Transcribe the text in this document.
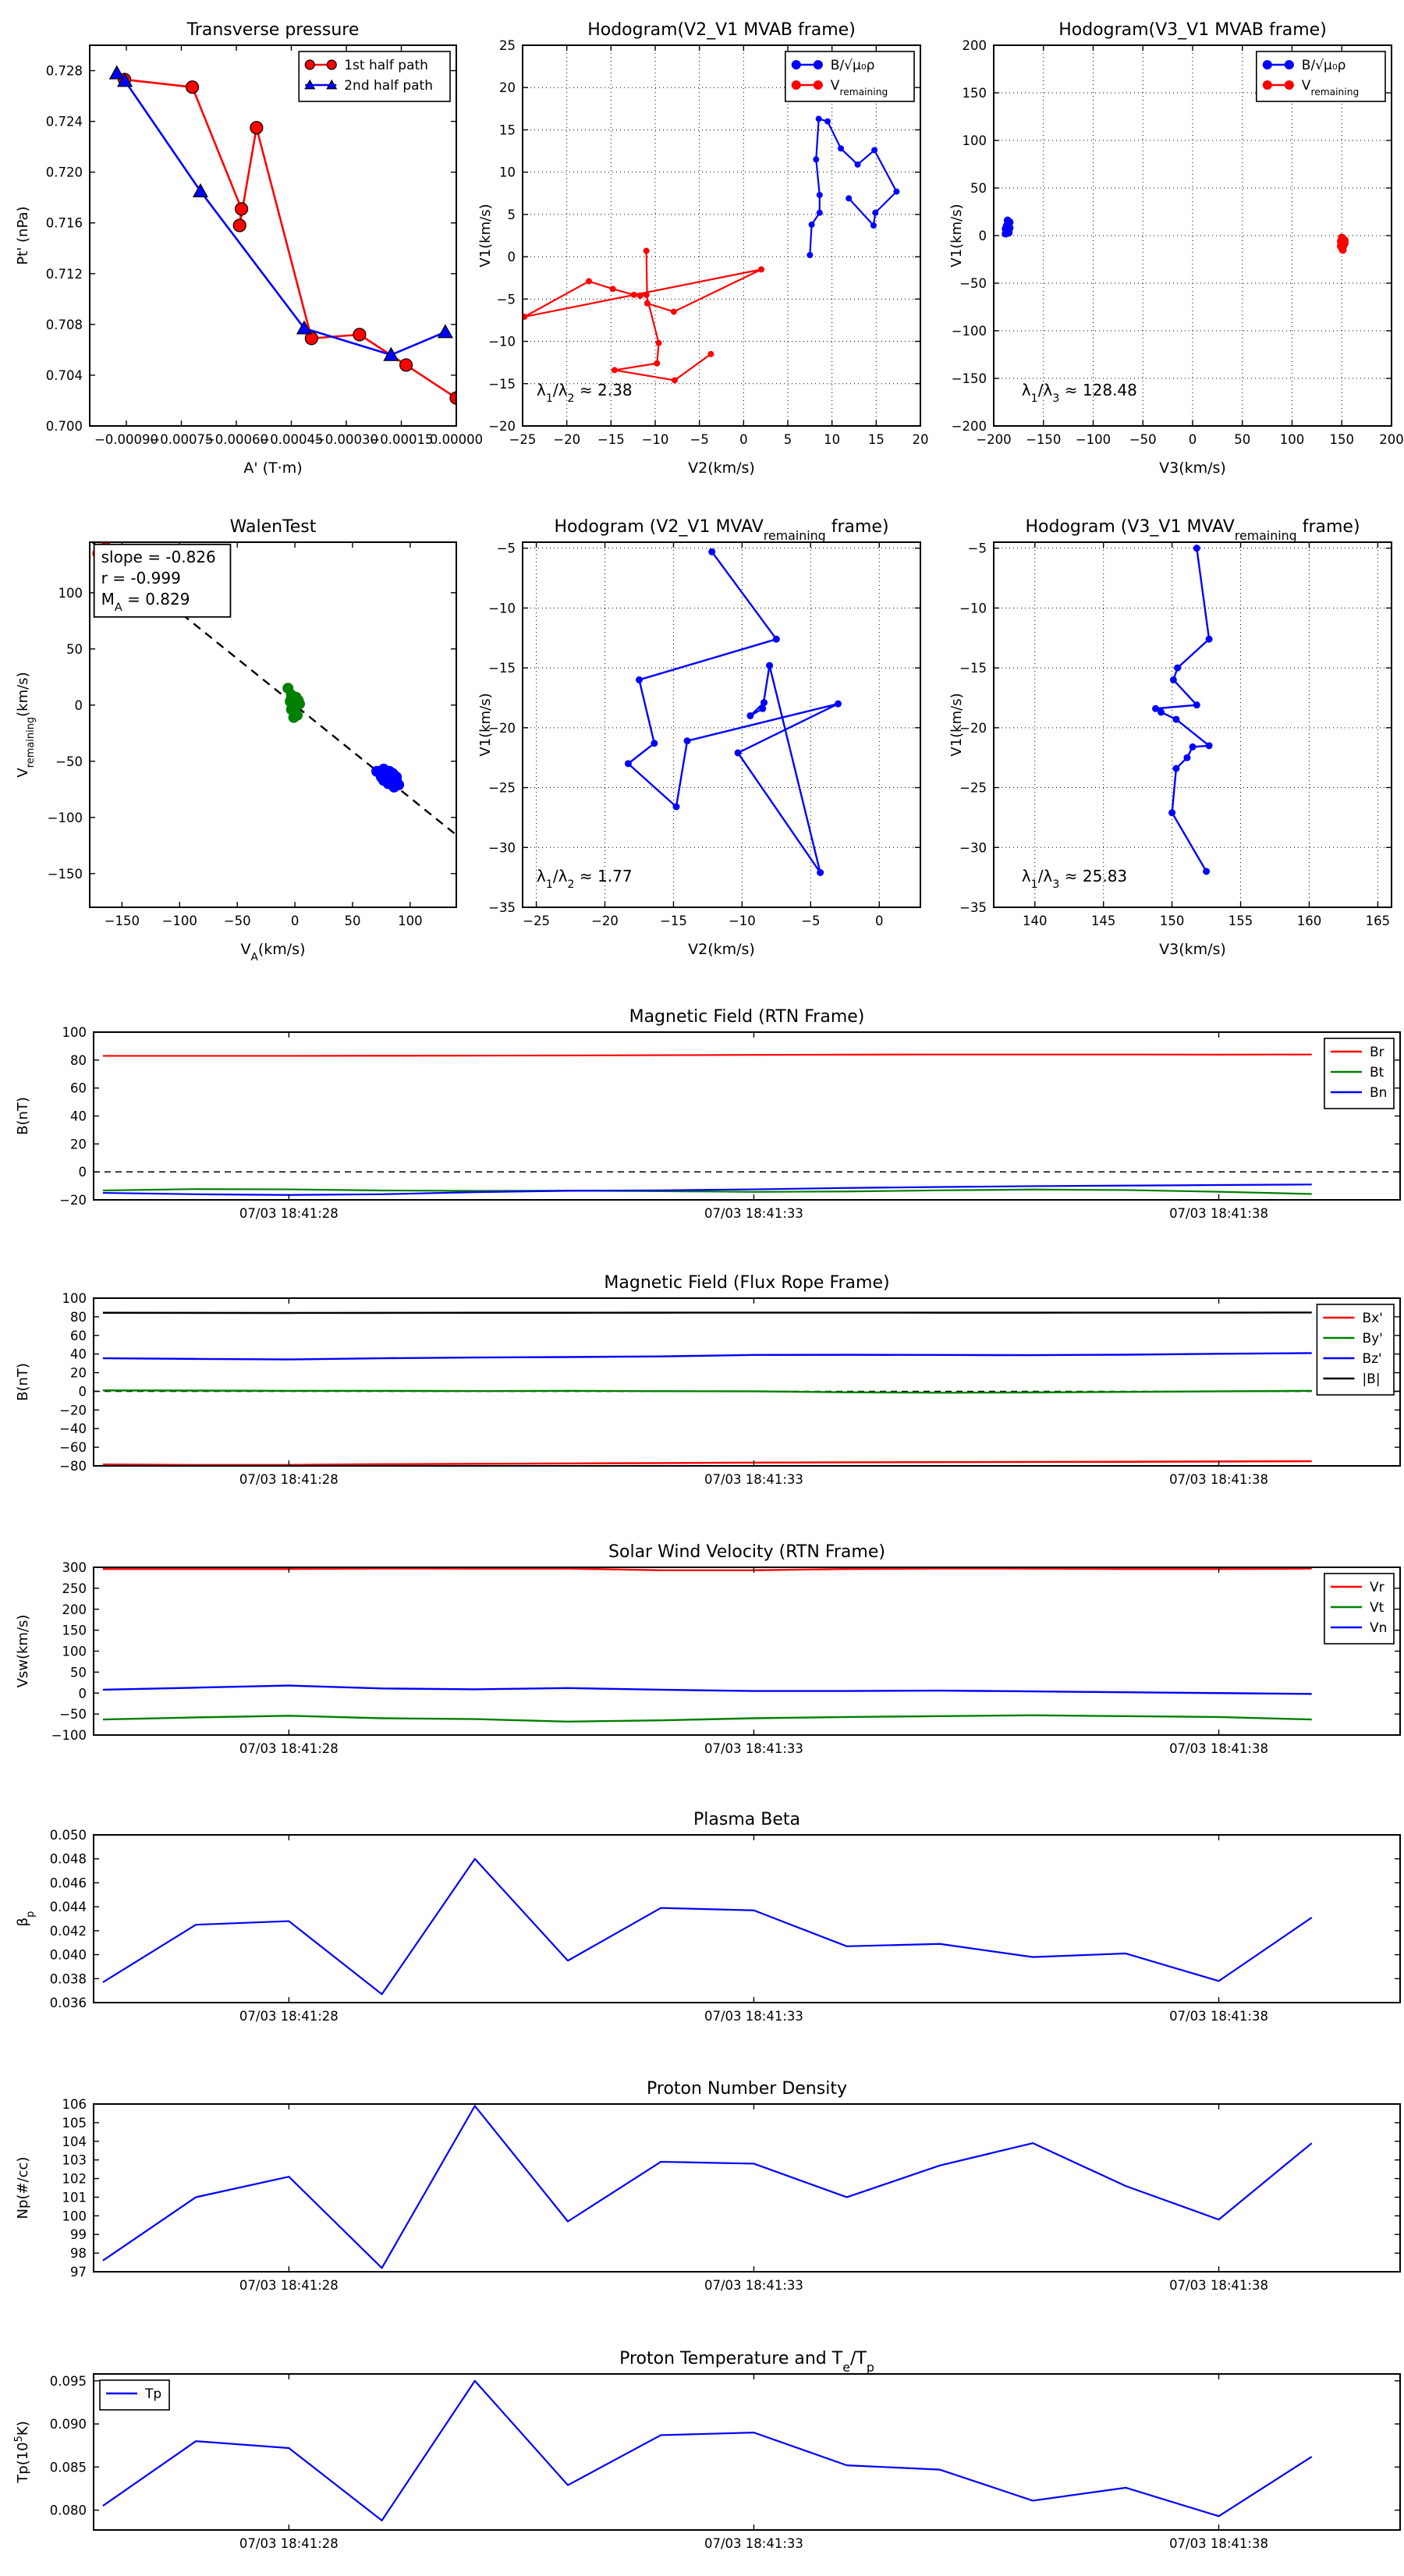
−0.00090
−0.00075
−0.00060
−0.00045
−0.00030
−0.00015
0.00000
0.700
0.704
0.708
0.712
0.716
0.720
0.724
0.728
Transverse pressure
A' (T·m)
Pt' (nPa)
1st half path
2nd half path
−25 −20 −15 −10 −5 0	5 10 15 20
−20
−15
−10
−5
0
5
10
15
20
25
Hodogram(V2_V1 MVAB frame)
V2(km/s)
V1(km/s)
$\lambda_1/\lambda_2 \approx 2.38$
B/√μ₀ρ
$V_{remaining}$
−200 −150 −100 −50 0	50 100 150 200
−200
−150
−100
−50
0
50
100
150
200
Hodogram(V3_V1 MVAB frame)
V3(km/s)
V1(km/s)
$\lambda_1/\lambda_3 \approx 128.48$
B/√μ₀ρ
$V_{remaining}$
−150 −100 −50	0	50	100
−150
−100
−50
0
50
100
WalenTest
$V_A(km/s)$
$V_{remaining}(km/s)$
slope = -0.826
r = -0.999
$M_A = 0.829$
−25	−20	−15	−10	−5	0
−35
−30
−25
−20
−15
−10
−5
Hodogram (V2_V1 $MVAV_{remaining}$ frame)
V2(km/s)
V1(km/s)
$\lambda_1/\lambda_2 \approx 1.77$
140	145	150	155	160	165
−35
−30
−25
−20
−15
−10
−5
Hodogram (V3_V1 $MVAV_{remaining}$ frame)
V3(km/s)
V1(km/s)
$\lambda_1/\lambda_3 \approx 25.83$
07/03 18:41:28	07/03 18:41:33	07/03 18:41:38
−20
0
20
40
60
80
100
Magnetic Field (RTN Frame)
B(nT)
Br
Bt
Bn
07/03 18:41:28	07/03 18:41:33	07/03 18:41:38
−80
−60
−40
−20
0
20
40
60
80
100
Magnetic Field (Flux Rope Frame)
B(nT)
Bx'
By'
Bz'
|B|
07/03 18:41:28	07/03 18:41:33	07/03 18:41:38
−100
−50
0
50
100
150
200
250
300
Solar Wind Velocity (RTN Frame)
Vsw(km/s)
Vr
Vt
Vn
07/03 18:41:28	07/03 18:41:33	07/03 18:41:38
0.036
0.038
0.040
0.042
0.044
0.046
0.048
0.050
Plasma Beta
$\beta_p$
07/03 18:41:28	07/03 18:41:33	07/03 18:41:38
97
98
99
100
101
102
103
104
105
106
Proton Number Density
Np(#/cc)
07/03 18:41:28	07/03 18:41:33	07/03 18:41:38
0.080
0.085
0.090
0.095
Proton Temperature and $T_e/T_p$
$Tp(10^5K)$
Tp
